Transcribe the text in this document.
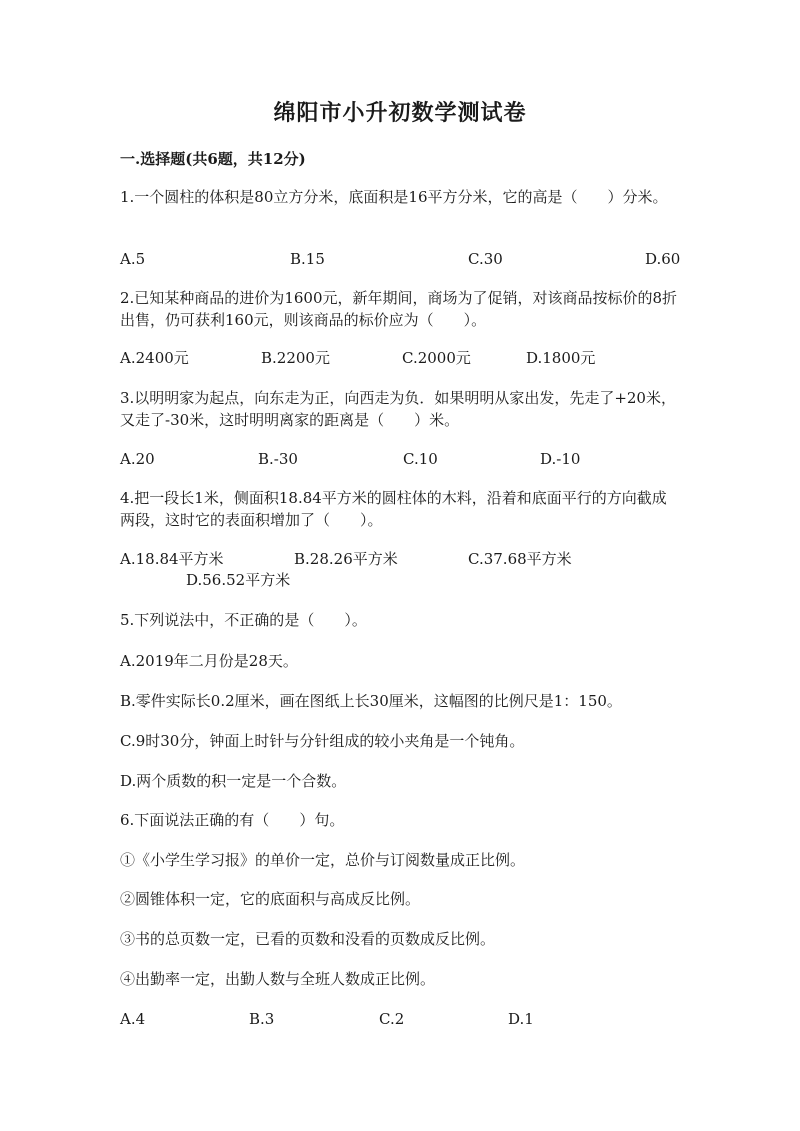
绵阳市小升初数学测试卷
一.选择题(共6题，共12分)
1.一个圆柱的体积是80立方分米，底面积是16平方分米，它的高是（　　）分米。
A.5	B.15	C.30	D.60
2.已知某种商品的进价为1600元，新年期间，商场为了促销，对该商品按标价的8折出售，仍可获利160元，则该商品的标价应为（　　）。
A.2400元	B.2200元	C.2000元	D.1800元
3.以明明家为起点，向东走为正，向西走为负．如果明明从家出发，先走了+20米，又走了-30米，这时明明离家的距离是（　　）米。
A.20	B.-30	C.10	D.-10
4.把一段长1米，侧面积18.84平方米的圆柱体的木料，沿着和底面平行的方向截成两段，这时它的表面积增加了（　　）。
A.18.84平方米	B.28.26平方米	C.37.68平方米
D.56.52平方米
5.下列说法中，不正确的是（　　）。
A.2019年二月份是28天。
B.零件实际长0.2厘米，画在图纸上长30厘米，这幅图的比例尺是1：150。
C.9时30分，钟面上时针与分针组成的较小夹角是一个钝角。
D.两个质数的积一定是一个合数。
6.下面说法正确的有（　　）句。
①《小学生学习报》的单价一定，总价与订阅数量成正比例。
②圆锥体积一定，它的底面积与高成反比例。
③书的总页数一定，已看的页数和没看的页数成反比例。
④出勤率一定，出勤人数与全班人数成正比例。
A.4	B.3	C.2	D.1
